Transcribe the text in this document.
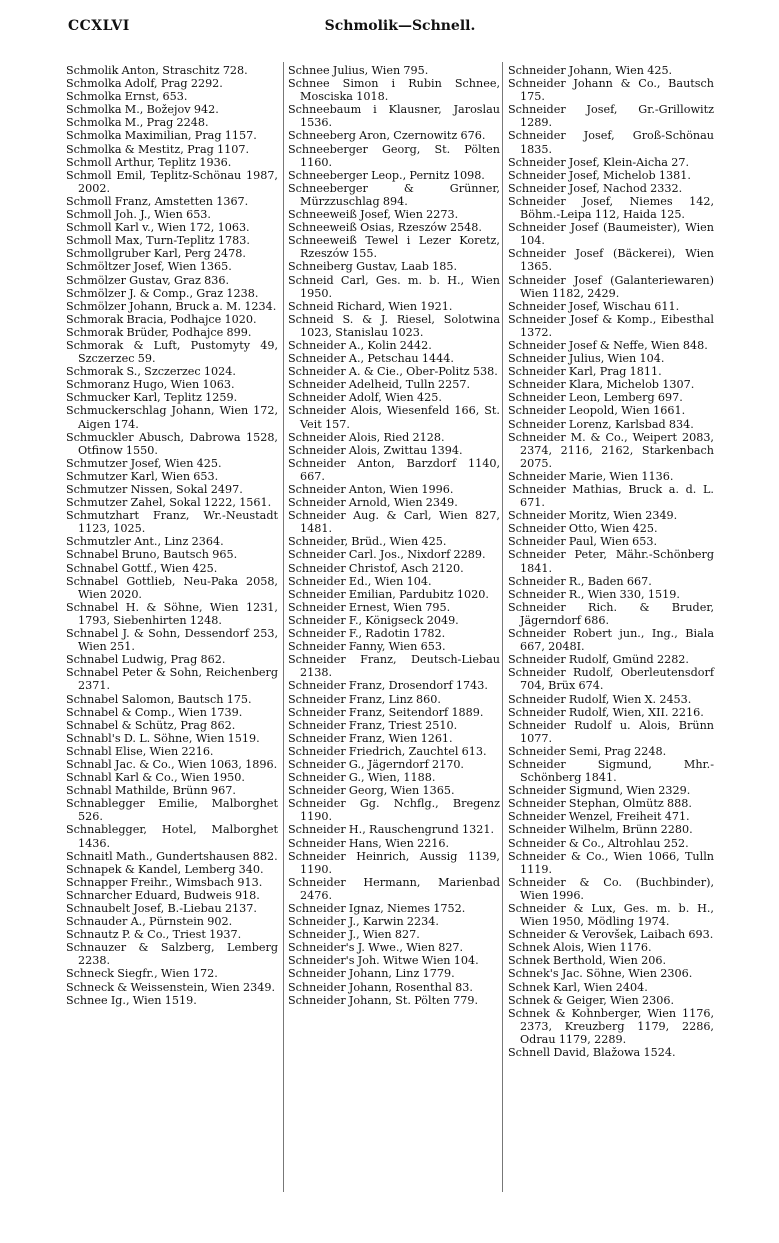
CCXLVI	Schmolik—Schnell.

Schmolik Anton, Straschitz 728.

Schmolka Adolf, Prag 2292.

Schmolka Ernst, 653.

Schmolka M., Božejov 942.

Schmolka M., Prag 2248.

Schmolka Maximilian, Prag 1157.

Schmolka & Mestitz, Prag 1107.

Schmoll Arthur, Teplitz 1936.

Schmoll Emil, Teplitz-Schönau 1987, 2002.

Schmoll Franz, Amstetten 1367.

Schmoll Joh. J., Wien 653.

Schmoll Karl v., Wien 172, 1063.

Schmoll Max, Turn-Teplitz 1783.

Schmollgruber Karl, Perg 2478.

Schmöltzer Josef, Wien 1365.

Schmölzer Gustav, Graz 836.

Schmölzer J. & Comp., Graz 1238.

Schmölzer Johann, Bruck a. M. 1234.

Schmorak Bracia, Podhajce 1020.

Schmorak Brüder, Podhajce 899.

Schmorak & Luft, Pustomyty 49, Szczerzec 59.

Schmorak S., Szczerzec 1024.

Schmoranz Hugo, Wien 1063.

Schmucker Karl, Teplitz 1259.

Schmuckerschlag Johann, Wien 172, Aigen 174.

Schmuckler Abusch, Dabrowa 1528, Otfinow 1550.

Schmutzer Josef, Wien 425.

Schmutzer Karl, Wien 653.

Schmutzer Nissen, Sokal 2497.

Schmutzer Zahel, Sokal 1222, 1561.

Schmutzhart Franz, Wr.-Neustadt 1123, 1025.

Schmutzler Ant., Linz 2364.

Schnabel Bruno, Bautsch 965.

Schnabel Gottf., Wien 425.

Schnabel Gottlieb, Neu-Paka 2058, Wien 2020.

Schnabel H. & Söhne, Wien 1231, 1793, Siebenhirten 1248.

Schnabel J. & Sohn, Dessendorf 253, Wien 251.

Schnabel Ludwig, Prag 862.

Schnabel Peter & Sohn, Reichenberg 2371.

Schnabel Salomon, Bautsch 175.

Schnabel & Comp., Wien 1739.

Schnabel & Schütz, Prag 862.

Schnabl's D. L. Söhne, Wien 1519.

Schnabl Elise, Wien 2216.

Schnabl Jac. & Co., Wien 1063, 1896.

Schnabl Karl & Co., Wien 1950.

Schnabl Mathilde, Brünn 967.

Schnablegger Emilie, Malborghet 526.

Schnablegger, Hotel, Malborghet 1436.

Schnaitl Math., Gundertshausen 882.

Schnapek & Kandel, Lemberg 340.

Schnapper Freihr., Wimsbach 913.

Schnarcher Eduard, Budweis 918.

Schnaubelt Josef, B.-Liebau 2137.

Schnauder A., Pürnstein 902.

Schnautz P. & Co., Triest 1937.

Schnauzer & Salzberg, Lemberg 2238.

Schneck Siegfr., Wien 172.

Schneck & Weissenstein, Wien 2349.

Schnee Ig., Wien 1519.

Schnee Julius, Wien 795.

Schnee Simon i Rubin Schnee, Mosciska 1018.

Schneebaum i Klausner, Jaroslau 1536.

Schneeberg Aron, Czernowitz 676.

Schneeberger Georg, St. Pölten 1160.

Schneeberger Leop., Pernitz 1098.

Schneeberger & Grünner, Mürzzuschlag 894.

Schneeweiß Josef, Wien 2273.

Schneeweiß Osias, Rzeszów 2548.

Schneeweiß Tewel i Lezer Koretz, Rzeszów 155.

Schneiberg Gustav, Laab 185.

Schneid Carl, Ges. m. b. H., Wien 1950.

Schneid Richard, Wien 1921.

Schneid S. & J. Riesel, Solotwina 1023, Stanislau 1023.

Schneider A., Kolin 2442.

Schneider A., Petschau 1444.

Schneider A. & Cie., Ober-Politz 538.

Schneider Adelheid, Tulln 2257.

Schneider Adolf, Wien 425.

Schneider Alois, Wiesenfeld 166, St. Veit 157.

Schneider Alois, Ried 2128.

Schneider Alois, Zwittau 1394.

Schneider Anton, Barzdorf 1140, 667.

Schneider Anton, Wien 1996.

Schneider Arnold, Wien 2349.

Schneider Aug. & Carl, Wien 827, 1481.

Schneider, Brüd., Wien 425.

Schneider Carl. Jos., Nixdorf 2289.

Schneider Christof, Asch 2120.

Schneider Ed., Wien 104.

Schneider Emilian, Pardubitz 1020.

Schneider Ernest, Wien 795.

Schneider F., Königseck 2049.

Schneider F., Radotin 1782.

Schneider Fanny, Wien 653.

Schneider Franz, Deutsch-Liebau 2138.

Schneider Franz, Drosendorf 1743.

Schneider Franz, Linz 860.

Schneider Franz, Seitendorf 1889.

Schneider Franz, Triest 2510.

Schneider Franz, Wien 1261.

Schneider Friedrich, Zauchtel 613.

Schneider G., Jägerndorf 2170.

Schneider G., Wien, 1188.

Schneider Georg, Wien 1365.

Schneider Gg. Nchflg., Bregenz 1190.

Schneider H., Rauschengrund 1321.

Schneider Hans, Wien 2216.

Schneider Heinrich, Aussig 1139, 1190.

Schneider Hermann, Marienbad 2476.

Schneider Ignaz, Niemes 1752.

Schneider J., Karwin 2234.

Schneider J., Wien 827.

Schneider's J. Wwe., Wien 827.

Schneider's Joh. Witwe Wien 104.

Schneider Johann, Linz 1779.

Schneider Johann, Rosenthal 83.

Schneider Johann, St. Pölten 779.

Schneider Johann, Wien 425.

Schneider Johann & Co., Bautsch 175.

Schneider Josef, Gr.-Grillowitz 1289.

Schneider Josef, Groß-Schönau 1835.

Schneider Josef, Klein-Aicha 27.

Schneider Josef, Michelob 1381.

Schneider Josef, Nachod 2332.

Schneider Josef, Niemes 142, Böhm.-Leipa 112, Haida 125.

Schneider Josef (Baumeister), Wien 104.

Schneider Josef (Bäckerei), Wien 1365.

Schneider Josef (Galanteriewaren) Wien 1182, 2429.

Schneider Josef, Wischau 611.

Schneider Josef & Komp., Eibesthal 1372.

Schneider Josef & Neffe, Wien 848.

Schneider Julius, Wien 104.

Schneider Karl, Prag 1811.

Schneider Klara, Michelob 1307.

Schneider Leon, Lemberg 697.

Schneider Leopold, Wien 1661.

Schneider Lorenz, Karlsbad 834.

Schneider M. & Co., Weipert 2083, 2374, 2116, 2162, Starkenbach 2075.

Schneider Marie, Wien 1136.

Schneider Mathias, Bruck a. d. L. 671.

Schneider Moritz, Wien 2349.

Schneider Otto, Wien 425.

Schneider Paul, Wien 653.

Schneider Peter, Mähr.-Schönberg 1841.

Schneider R., Baden 667.

Schneider R., Wien 330, 1519.

Schneider Rich. & Bruder, Jägerndorf 686.

Schneider Robert jun., Ing., Biala 667, 2048I.

Schneider Rudolf, Gmünd 2282.

Schneider Rudolf, Oberleutensdorf 704, Brüx 674.

Schneider Rudolf, Wien X. 2453.

Schneider Rudolf, Wien, XII. 2216.

Schneider Rudolf u. Alois, Brünn 1077.

Schneider Semi, Prag 2248.

Schneider Sigmund, Mhr.-Schönberg 1841.

Schneider Sigmund, Wien 2329.

Schneider Stephan, Olmütz 888.

Schneider Wenzel, Freiheit 471.

Schneider Wilhelm, Brünn 2280.

Schneider & Co., Altrohlau 252.

Schneider & Co., Wien 1066, Tulln 1119.

Schneider & Co. (Buchbinder), Wien 1996.

Schneider & Lux, Ges. m. b. H., Wien 1950, Mödling 1974.

Schneider & Verovšek, Laibach 693.

Schnek Alois, Wien 1176.

Schnek Berthold, Wien 206.

Schnek's Jac. Söhne, Wien 2306.

Schnek Karl, Wien 2404.

Schnek & Geiger, Wien 2306.

Schnek & Kohnberger, Wien 1176, 2373, Kreuzberg 1179, 2286, Odrau 1179, 2289.

Schnell David, Blažowa 1524.
